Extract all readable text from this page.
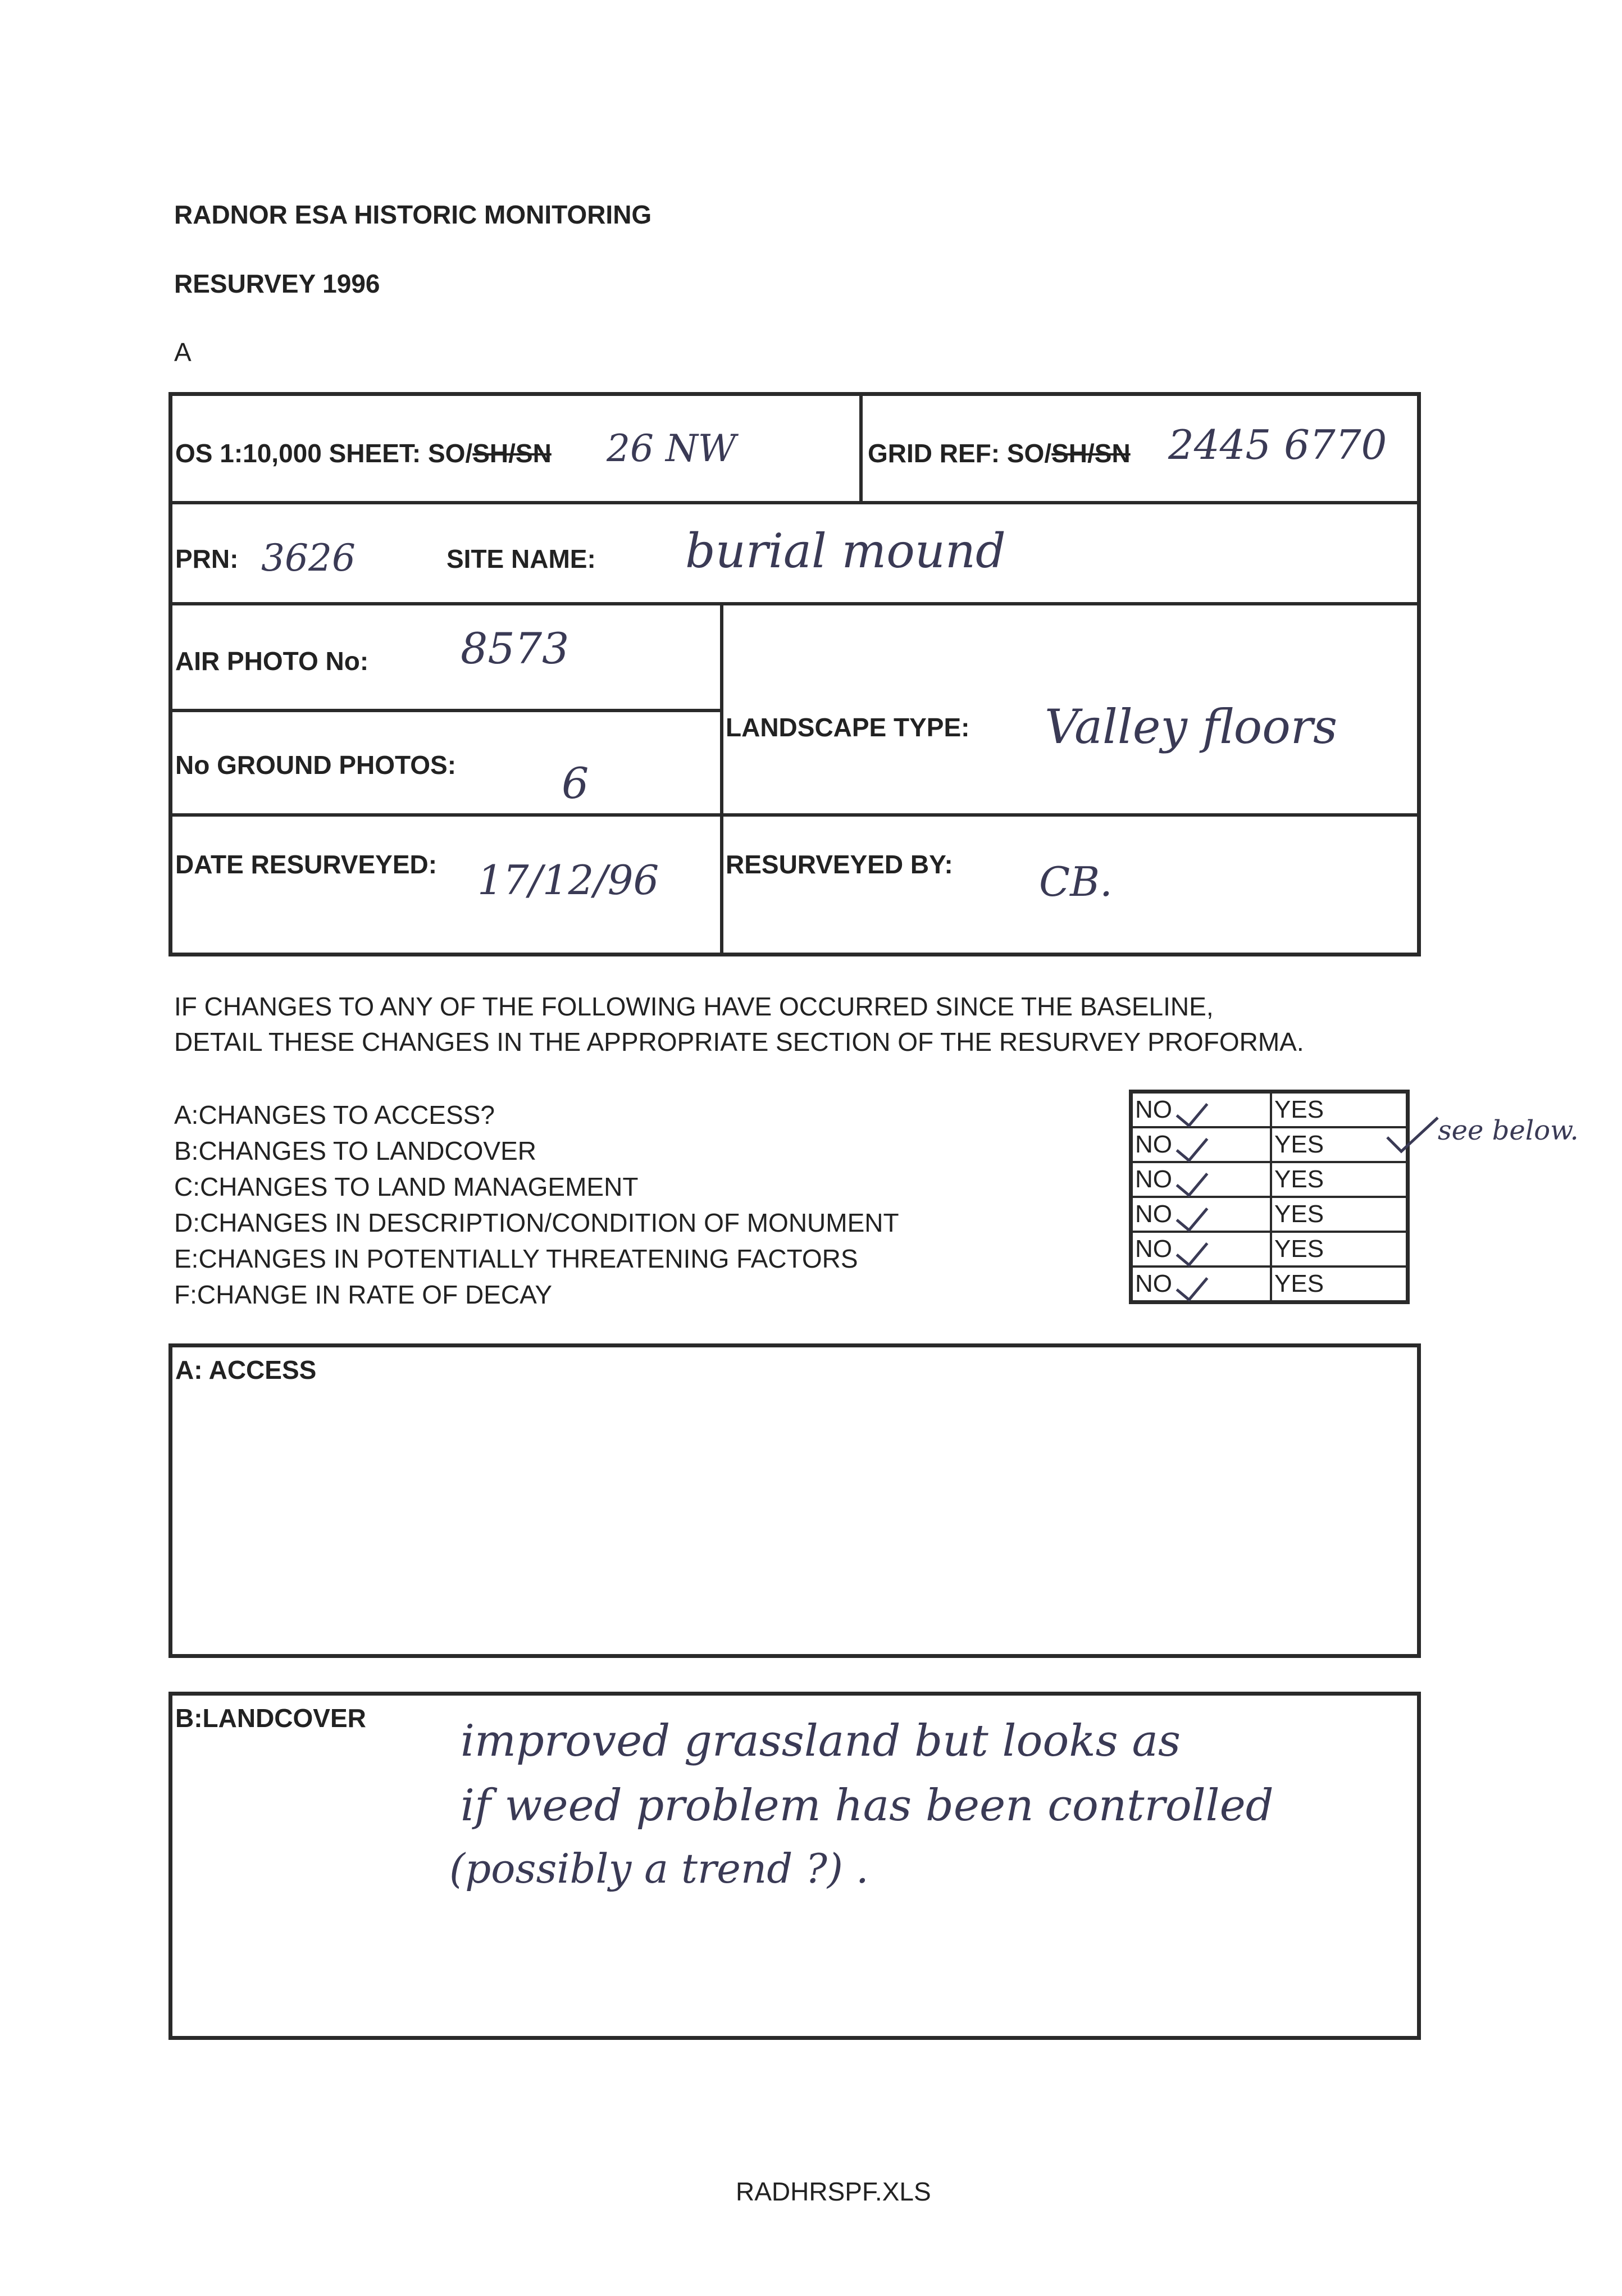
RADNOR ESA HISTORIC MONITORING
RESURVEY 1996
A
OS 1:10,000 SHEET: SO/SH/SN 26 NW	GRID REF: SO/SH/SN 2445 6770
PRN: 3626	SITE NAME: burial mound
AIR PHOTO No: 8573
LANDSCAPE TYPE: Valley floors
No GROUND PHOTOS: 6
DATE RESURVEYED: 17/12/96	RESURVEYED BY: CB.
IF CHANGES TO ANY OF THE FOLLOWING HAVE OCCURRED SINCE THE BASELINE,
DETAIL THESE CHANGES IN THE APPROPRIATE SECTION OF THE RESURVEY PROFORMA.
A:CHANGES TO ACCESS?
B:CHANGES TO LANDCOVER
C:CHANGES TO LAND MANAGEMENT
D:CHANGES IN DESCRIPTION/CONDITION OF MONUMENT
E:CHANGES IN POTENTIALLY THREATENING FACTORS
F:CHANGE IN RATE OF DECAY
NO	YES
NO	YES
NO	YES
NO	YES
NO	YES
NO	YES
see below.
A: ACCESS
B:LANDCOVER improved grassland but looks as
if weed problem has been controlled
(possibly a trend ?) .
RADHRSPF.XLS
